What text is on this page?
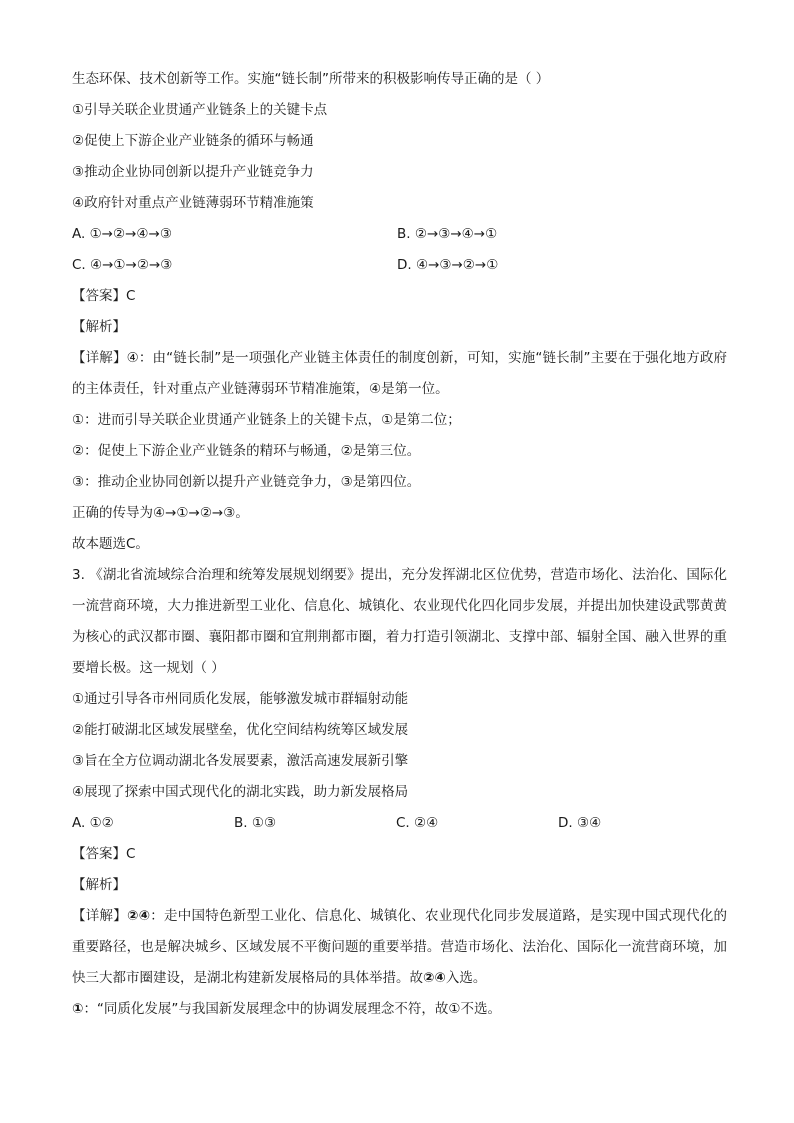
生态环保、技术创新等工作。实施“链长制”所带来的积极影响传导正确的是（ ）
①引导关联企业贯通产业链条上的关键卡点
②促使上下游企业产业链条的循环与畅通
③推动企业协同创新以提升产业链竞争力
④政府针对重点产业链薄弱环节精准施策
A. ①→②→④→③	B. ②→③→④→①
C. ④→①→②→③	D. ④→③→②→①
【答案】C
【解析】
【详解】④：由“链长制”是一项强化产业链主体责任的制度创新，可知，实施“链长制”主要在于强化地方政府的主体责任，针对重点产业链薄弱环节精准施策，④是第一位。
①：进而引导关联企业贯通产业链条上的关键卡点，①是第二位；
②：促使上下游企业产业链条的精环与畅通，②是第三位。
③：推动企业协同创新以提升产业链竞争力，③是第四位。
正确的传导为④→①→②→③。
故本题选C。
3. 《湖北省流域综合治理和统筹发展规划纲要》提出，充分发挥湖北区位优势，营造市场化、法治化、国际化一流营商环境，大力推进新型工业化、信息化、城镇化、农业现代化四化同步发展，并提出加快建设武鄂黄黄为核心的武汉都市圈、襄阳都市圈和宜荆荆都市圈，着力打造引领湖北、支撑中部、辐射全国、融入世界的重要增长极。这一规划（ ）
①通过引导各市州同质化发展，能够激发城市群辐射动能
②能打破湖北区域发展壁垒，优化空间结构统筹区域发展
③旨在全方位调动湖北各发展要素，激活高速发展新引擎
④展现了探索中国式现代化的湖北实践，助力新发展格局
A. ①②	B. ①③	C. ②④	D. ③④
【答案】C
【解析】
【详解】②④：走中国特色新型工业化、信息化、城镇化、农业现代化同步发展道路，是实现中国式现代化的重要路径，也是解决城乡、区域发展不平衡问题的重要举措。营造市场化、法治化、国际化一流营商环境，加快三大都市圈建设，是湖北构建新发展格局的具体举措。故②④入选。
①：“同质化发展”与我国新发展理念中的协调发展理念不符，故①不选。
